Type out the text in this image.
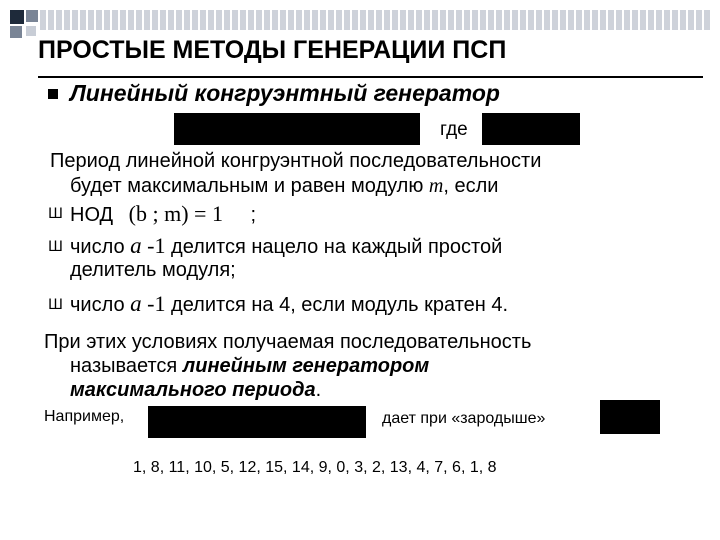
ПРОСТЫЕ МЕТОДЫ ГЕНЕРАЦИИ ПСП
Линейный конгруэнтный генератор
где
Период линейной конгруэнтной последовательности
будет максимальным и равен модулю m, если
Ш НОД (b ; m) = 1 ;
Ш число a -1 делится нацело на каждый простой
делитель модуля;
Ш число a -1 делится на 4, если модуль кратен 4.
При этих условиях получаемая последовательность
называется линейным генератором
максимального периода.
Например,	дает при «зародыше»
1, 8, 11, 10, 5, 12, 15, 14, 9, 0, 3, 2, 13, 4, 7, 6, 1, 8
